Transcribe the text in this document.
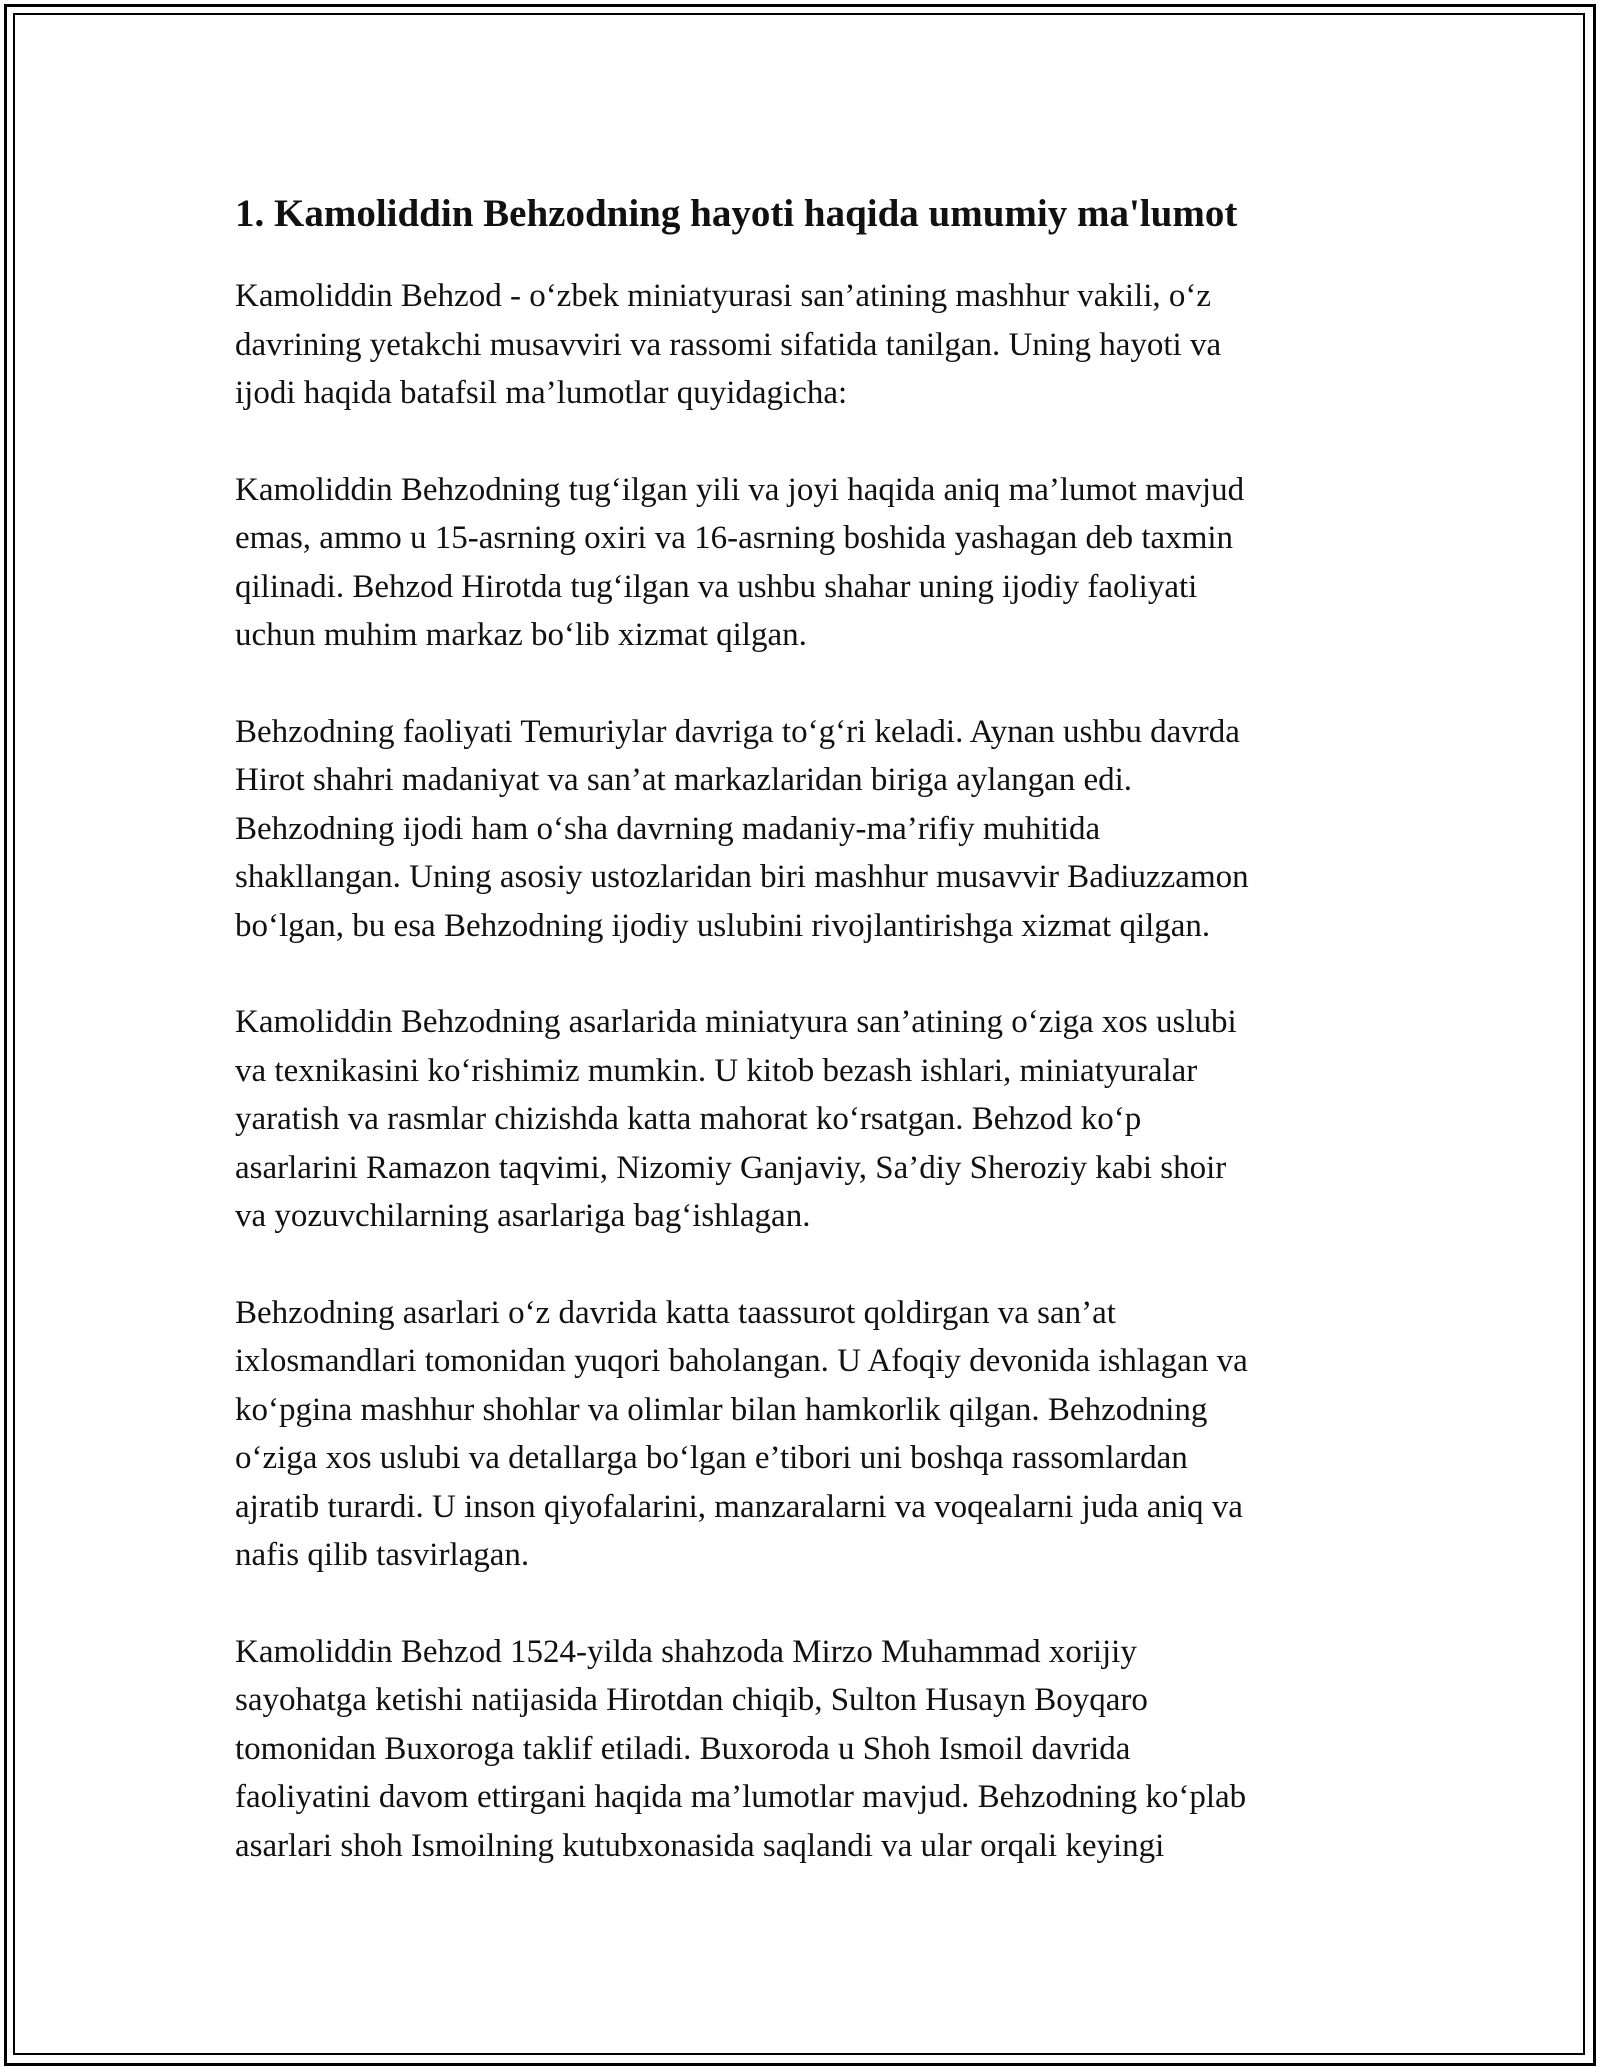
1. Kamoliddin Behzodning hayoti haqida umumiy ma'lumot

Kamoliddin Behzod - o‘zbek miniatyurasi san’atining mashhur vakili, o‘z
davrining yetakchi musavviri va rassomi sifatida tanilgan. Uning hayoti va
ijodi haqida batafsil ma’lumotlar quyidagicha:

Kamoliddin Behzodning tug‘ilgan yili va joyi haqida aniq ma’lumot mavjud
emas, ammo u 15-asrning oxiri va 16-asrning boshida yashagan deb taxmin
qilinadi. Behzod Hirotda tug‘ilgan va ushbu shahar uning ijodiy faoliyati
uchun muhim markaz bo‘lib xizmat qilgan.

Behzodning faoliyati Temuriylar davriga to‘g‘ri keladi. Aynan ushbu davrda
Hirot shahri madaniyat va san’at markazlaridan biriga aylangan edi.
Behzodning ijodi ham o‘sha davrning madaniy-ma’rifiy muhitida
shakllangan. Uning asosiy ustozlaridan biri mashhur musavvir Badiuzzamon
bo‘lgan, bu esa Behzodning ijodiy uslubini rivojlantirishga xizmat qilgan.

Kamoliddin Behzodning asarlarida miniatyura san’atining o‘ziga xos uslubi
va texnikasini ko‘rishimiz mumkin. U kitob bezash ishlari, miniatyuralar
yaratish va rasmlar chizishda katta mahorat ko‘rsatgan. Behzod ko‘p
asarlarini Ramazon taqvimi, Nizomiy Ganjaviy, Sa’diy Sheroziy kabi shoir
va yozuvchilarning asarlariga bag‘ishlagan.

Behzodning asarlari o‘z davrida katta taassurot qoldirgan va san’at
ixlosmandlari tomonidan yuqori baholangan. U Afoqiy devonida ishlagan va
ko‘pgina mashhur shohlar va olimlar bilan hamkorlik qilgan. Behzodning
o‘ziga xos uslubi va detallarga bo‘lgan e’tibori uni boshqa rassomlardan
ajratib turardi. U inson qiyofalarini, manzaralarni va voqealarni juda aniq va
nafis qilib tasvirlagan.

Kamoliddin Behzod 1524-yilda shahzoda Mirzo Muhammad xorijiy
sayohatga ketishi natijasida Hirotdan chiqib, Sulton Husayn Boyqaro
tomonidan Buxoroga taklif etiladi. Buxoroda u Shoh Ismoil davrida
faoliyatini davom ettirgani haqida ma’lumotlar mavjud. Behzodning ko‘plab
asarlari shoh Ismoilning kutubxonasida saqlandi va ular orqali keyingi
